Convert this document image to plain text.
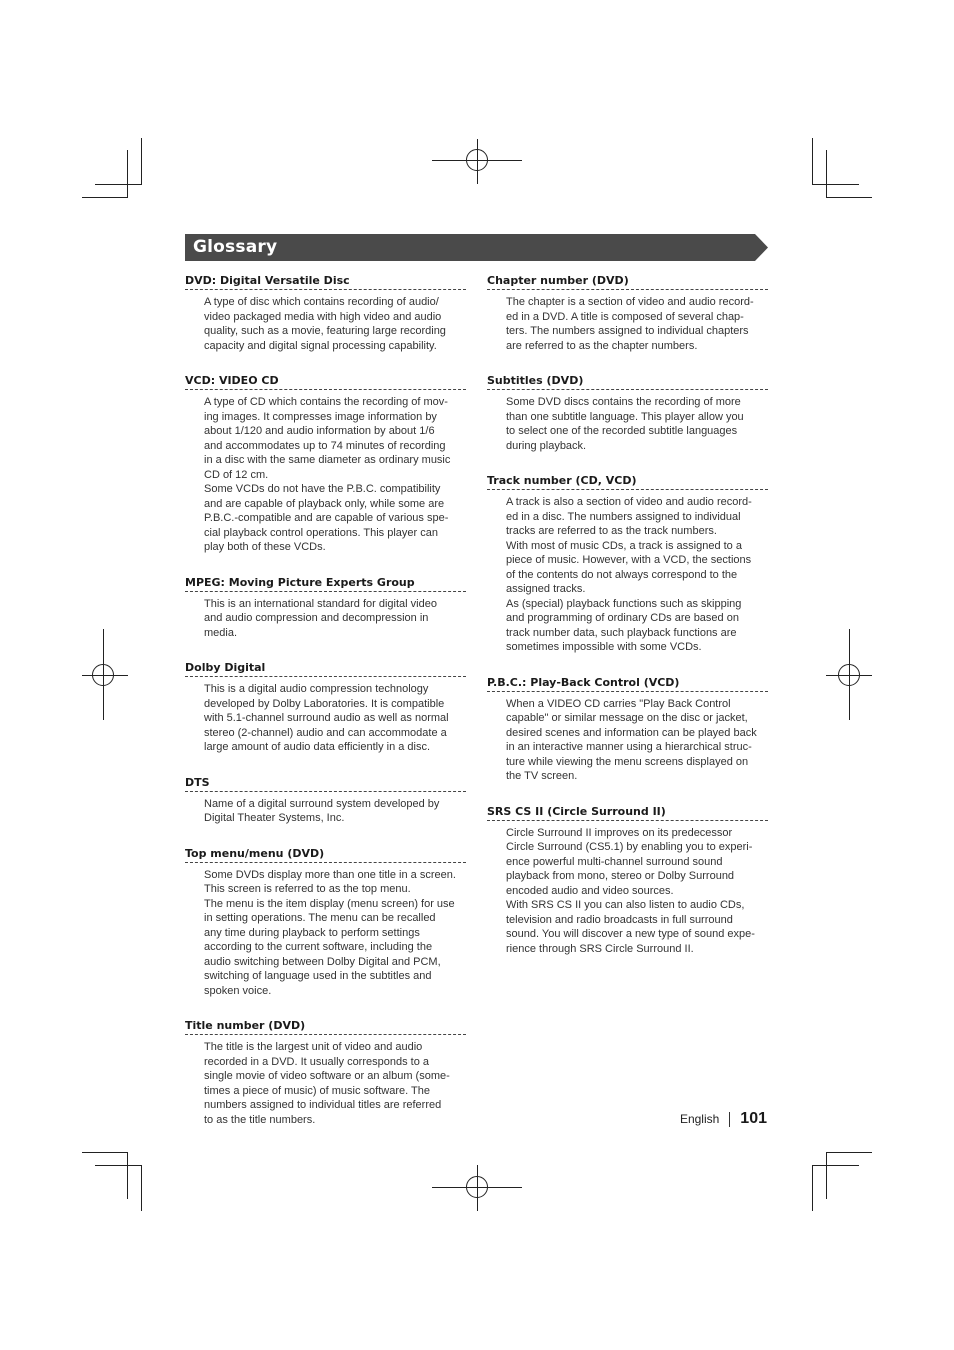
Glossary
DVD: Digital Versatile Disc

A type of disc which contains recording of audio/
video packaged media with high video and audio
quality, such as a movie, featuring large recording
capacity and digital signal processing capability.

VCD: VIDEO CD

A type of CD which contains the recording of mov-
ing images. It compresses image information by
about 1/120 and audio information by about 1/6
and accommodates up to 74 minutes of recording
in a disc with the same diameter as ordinary music
CD of 12 cm.

Some VCDs do not have the P.B.C. compatibility
and are capable of playback only, while some are
P.B.C.-compatible and are capable of various spe-
cial playback control operations. This player can
play both of these VCDs.

MPEG: Moving Picture Experts Group

This is an international standard for digital video
and audio compression and decompression in
media.

Dolby Digital

This is a digital audio compression technology
developed by Dolby Laboratories. It is compatible
with 5.1-channel surround audio as well as normal
stereo (2-channel) audio and can accommodate a
large amount of audio data efficiently in a disc.

DTS

Name of a digital surround system developed by
Digital Theater Systems, Inc.

Top menu/menu (DVD)

Some DVDs display more than one title in a screen.
This screen is referred to as the top menu.

The menu is the item display (menu screen) for use
in setting operations. The menu can be recalled
any time during playback to perform settings
according to the current software, including the
audio switching between Dolby Digital and PCM,
switching of language used in the subtitles and
spoken voice.

Title number (DVD)

The title is the largest unit of video and audio
recorded in a DVD. It usually corresponds to a
single movie of video software or an album (some-
times a piece of music) of music software. The
numbers assigned to individual titles are referred
to as the title numbers.

Chapter number (DVD)

The chapter is a section of video and audio record-
ed in a DVD. A title is composed of several chap-
ters. The numbers assigned to individual chapters
are referred to as the chapter numbers.

Subtitles (DVD)

Some DVD discs contains the recording of more
than one subtitle language. This player allow you
to select one of the recorded subtitle languages
during playback.

Track number (CD, VCD)

A track is also a section of video and audio record-
ed in a disc. The numbers assigned to individual
tracks are referred to as the track numbers.

With most of music CDs, a track is assigned to a
piece of music. However, with a VCD, the sections
of the contents do not always correspond to the
assigned tracks.

As (special) playback functions such as skipping
and programming of ordinary CDs are based on
track number data, such playback functions are
sometimes impossible with some VCDs.

P.B.C.: Play-Back Control (VCD)

When a VIDEO CD carries "Play Back Control
capable" or similar message on the disc or jacket,
desired scenes and information can be played back
in an interactive manner using a hierarchical struc-
ture while viewing the menu screens displayed on
the TV screen.

SRS CS II (Circle Surround II)

Circle Surround II improves on its predecessor
Circle Surround (CS5.1) by enabling you to experi-
ence powerful multi-channel surround sound
playback from mono, stereo or Dolby Surround
encoded audio and video sources.

With SRS CS II you can also listen to audio CDs,
television and radio broadcasts in full surround
sound. You will discover a new type of sound expe-
rience through SRS Circle Surround II.

English 101
